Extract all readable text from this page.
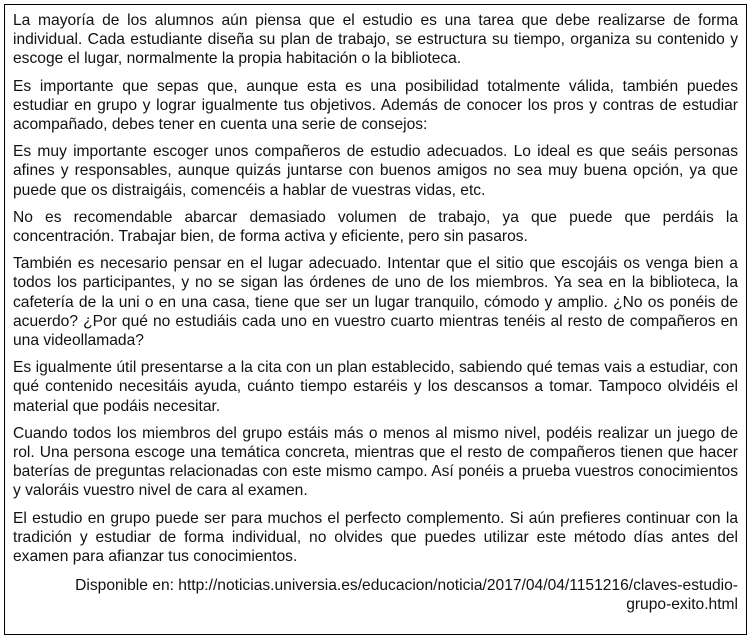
La mayoría de los alumnos aún piensa que el estudio es una tarea que debe realizarse de forma individual. Cada estudiante diseña su plan de trabajo, se estructura su tiempo, organiza su contenido y escoge el lugar, normalmente la propia habitación o la biblioteca.

Es importante que sepas que, aunque esta es una posibilidad totalmente válida, también puedes estudiar en grupo y lograr igualmente tus objetivos. Además de conocer los pros y contras de estudiar acompañado, debes tener en cuenta una serie de consejos:

Es muy importante escoger unos compañeros de estudio adecuados. Lo ideal es que seáis personas afines y responsables, aunque quizás juntarse con buenos amigos no sea muy buena opción, ya que puede que os distraigáis, comencéis a hablar de vuestras vidas, etc.

No es recomendable abarcar demasiado volumen de trabajo, ya que puede que perdáis la concentración. Trabajar bien, de forma activa y eficiente, pero sin pasaros.

También es necesario pensar en el lugar adecuado. Intentar que el sitio que escojáis os venga bien a todos los participantes, y no se sigan las órdenes de uno de los miembros. Ya sea en la biblioteca, la cafetería de la uni o en una casa, tiene que ser un lugar tranquilo, cómodo y amplio. ¿No os ponéis de acuerdo? ¿Por qué no estudiáis cada uno en vuestro cuarto mientras tenéis al resto de compañeros en una videollamada?

Es igualmente útil presentarse a la cita con un plan establecido, sabiendo qué temas vais a estudiar, con qué contenido necesitáis ayuda, cuánto tiempo estaréis y los descansos a tomar. Tampoco olvidéis el material que podáis necesitar.

Cuando todos los miembros del grupo estáis más o menos al mismo nivel, podéis realizar un juego de rol. Una persona escoge una temática concreta, mientras que el resto de compañeros tienen que hacer baterías de preguntas relacionadas con este mismo campo. Así ponéis a prueba vuestros conocimientos y valoráis vuestro nivel de cara al examen.

El estudio en grupo puede ser para muchos el perfecto complemento. Si aún prefieres continuar con la tradición y estudiar de forma individual, no olvides que puedes utilizar este método días antes del examen para afianzar tus conocimientos.

Disponible en: http://noticias.universia.es/educacion/noticia/2017/04/04/1151216/claves-estudio-
grupo-exito.html
